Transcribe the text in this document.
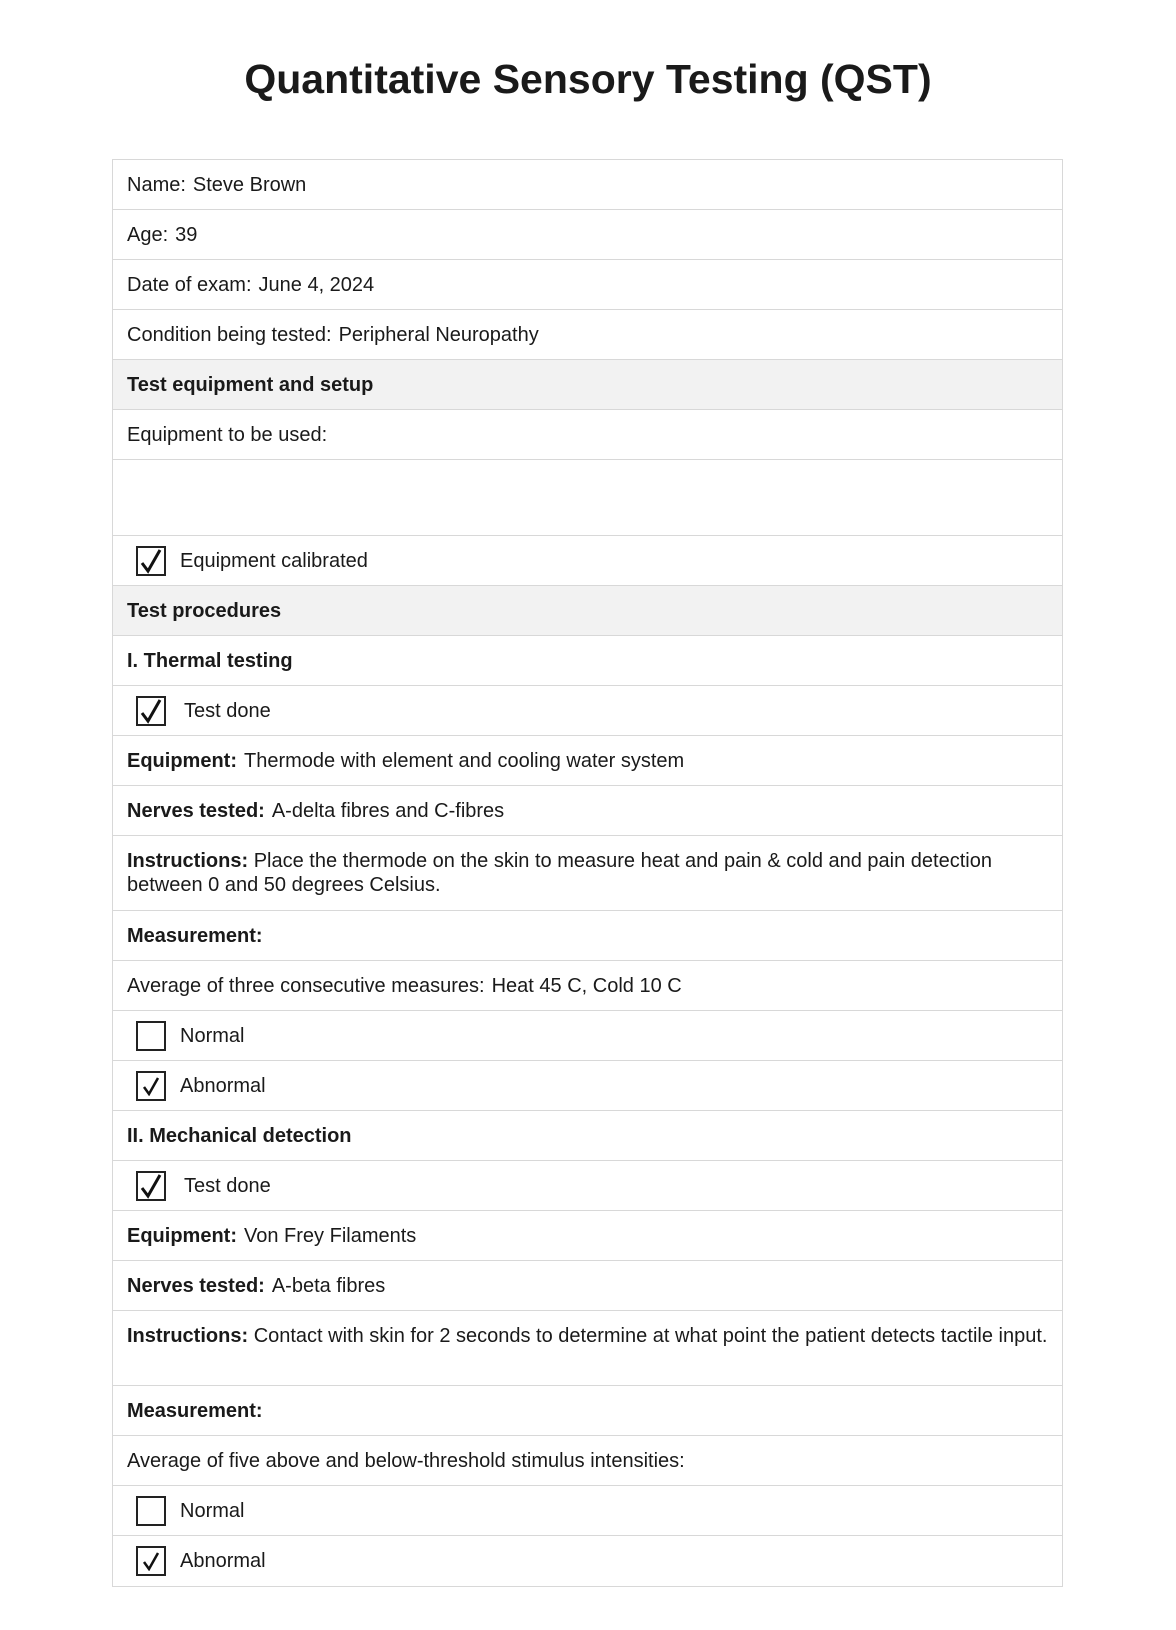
Quantitative Sensory Testing (QST)
Name: Steve Brown
Age: 39
Date of exam: June 4, 2024
Condition being tested: Peripheral Neuropathy
Test equipment and setup
Equipment to be used:
Equipment calibrated
Test procedures
I. Thermal testing
Test done
Equipment: Thermode with element and cooling water system
Nerves tested: A-delta fibres and C-fibres
Instructions: Place the thermode on the skin to measure heat and pain & cold and pain detection between 0 and 50 degrees Celsius.
Measurement:
Average of three consecutive measures: Heat 45 C, Cold 10 C
Normal
Abnormal
II. Mechanical detection
Test done
Equipment: Von Frey Filaments
Nerves tested: A-beta fibres
Instructions: Contact with skin for 2 seconds to determine at what point the patient detects tactile input.
Measurement:
Average of five above and below-threshold stimulus intensities:
Normal
Abnormal
